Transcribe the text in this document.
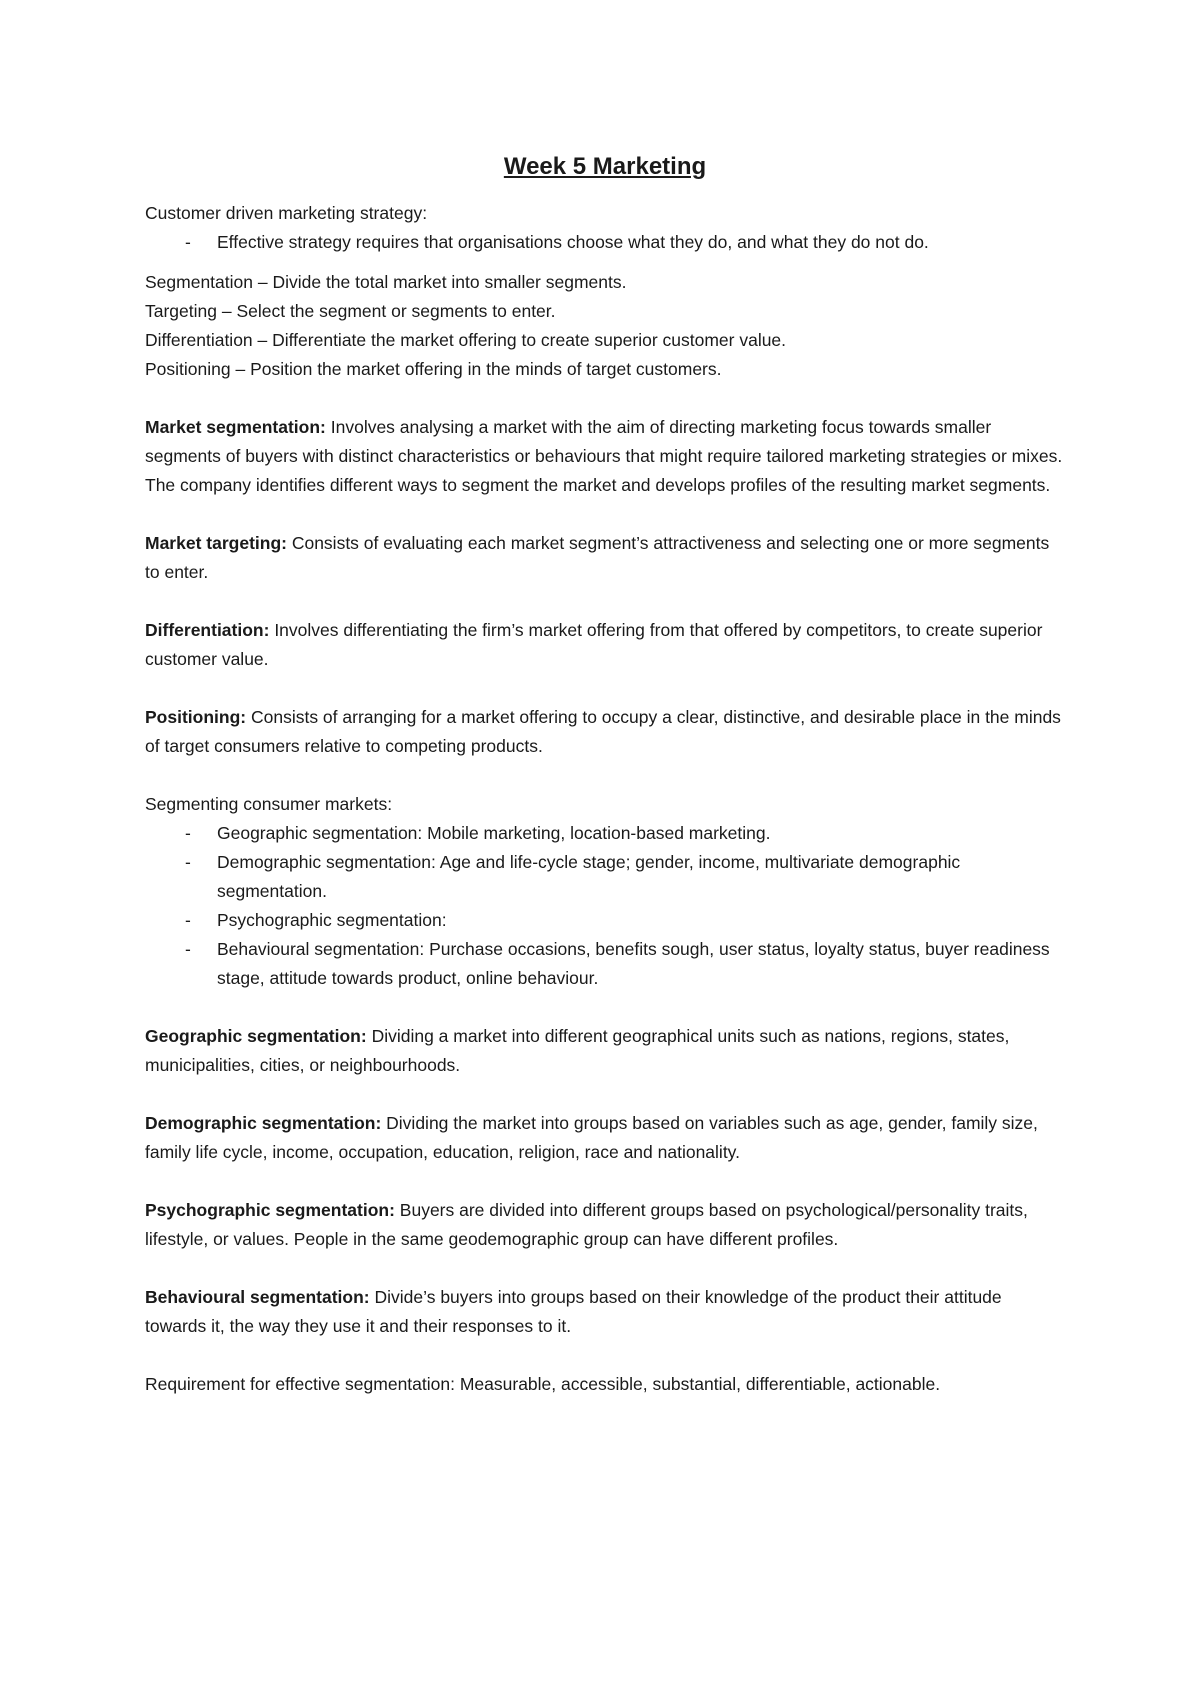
Week 5 Marketing

Customer driven marketing strategy:

- Effective strategy requires that organisations choose what they do, and what they do not do.

Segmentation – Divide the total market into smaller segments.

Targeting – Select the segment or segments to enter.

Differentiation – Differentiate the market offering to create superior customer value.

Positioning – Position the market offering in the minds of target customers.

Market segmentation: Involves analysing a market with the aim of directing marketing focus towards smaller segments of buyers with distinct characteristics or behaviours that might require tailored marketing strategies or mixes. The company identifies different ways to segment the market and develops profiles of the resulting market segments.

Market targeting: Consists of evaluating each market segment’s attractiveness and selecting one or more segments to enter.

Differentiation: Involves differentiating the firm’s market offering from that offered by competitors, to create superior customer value.

Positioning: Consists of arranging for a market offering to occupy a clear, distinctive, and desirable place in the minds of target consumers relative to competing products.

Segmenting consumer markets:

- Geographic segmentation: Mobile marketing, location-based marketing.
- Demographic segmentation: Age and life-cycle stage; gender, income, multivariate demographic segmentation.
- Psychographic segmentation:
- Behavioural segmentation: Purchase occasions, benefits sough, user status, loyalty status, buyer readiness stage, attitude towards product, online behaviour.

Geographic segmentation: Dividing a market into different geographical units such as nations, regions, states, municipalities, cities, or neighbourhoods.

Demographic segmentation: Dividing the market into groups based on variables such as age, gender, family size, family life cycle, income, occupation, education, religion, race and nationality.

Psychographic segmentation: Buyers are divided into different groups based on psychological/personality traits, lifestyle, or values. People in the same geodemographic group can have different profiles.

Behavioural segmentation: Divide’s buyers into groups based on their knowledge of the product their attitude towards it, the way they use it and their responses to it.

Requirement for effective segmentation: Measurable, accessible, substantial, differentiable, actionable.
